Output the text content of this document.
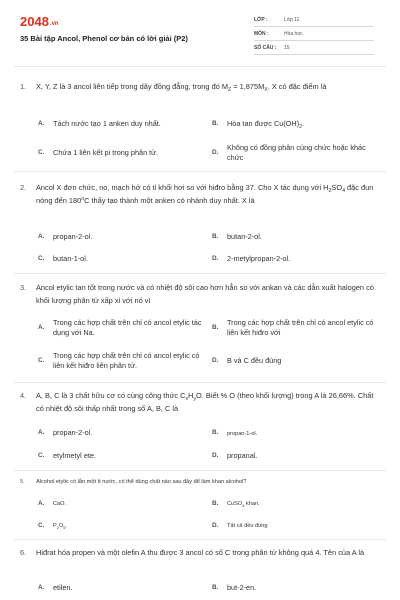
2048.vn
35 Bài tập Ancol, Phenol cơ bản có lời giải (P2)
LỚP :	Lớp 11
MÔN :	Hóa học
SỐ CÂU : 15
1. X, Y, Z là 3 ancol liên tiếp trong dãy đồng đẳng, trong đó $M_Z = 1,875M_X$. X có đặc điểm là
A. Tách nước tạo 1 anken duy nhất.	B. Hòa tan được $Cu(OH)_2$.
C. Chứa 1 liên kết pi trong phân tử.	D.
Không có đồng phân cùng chức hoặc khác chức
2. Ancol X đơn chức, no, mạch hở có tỉ khối hơi so với hiđro bằng 37. Cho X tác dụng với $H_2SO_4$ đặc đun nóng đến 180$^o$C thấy tạo thành một anken có nhánh duy nhất. X là
A. propan-2-ol.	B. butan-2-ol.
C. butan-1-ol.	D. 2-metylpropan-2-ol.
3. Ancol etylic tan tốt trong nước và có nhiệt độ sôi cao hơn hẳn so với ankan và các dẫn xuất halogen có khối lượng phân tử xấp xỉ với nó vì
A.
Trong các hợp chất trên chỉ có ancol etylic tác dụng với Na.
B.
Trong các hợp chất trên chỉ có ancol etylic có liên kết hiđro với
C.
Trong các hợp chất trên chỉ có ancol etylic có liên kết hiđro liên phân tử.
D. B và C đều đúng
4. A, B, C là 3 chất hữu cơ có cùng công thức $C_xH_yO$. Biết % O (theo khối lượng) trong A là 26,66%. Chất có nhiệt độ sôi thấp nhất trong số A, B, C là
A. propan-2-ol.	B. propan-1-ol.
C. etylmetyl ete.	D. propanal.
5. Alcohol etylic có lẫn một ít nước, có thể dùng chất nào sau đây để làm khan alcohol?
A. CaO.	B. CuSO$_4$ khan.
C. $P_2O_5$.	D. Tất cả đều đúng
6. Hiđrat hóa propen và một olefin A thu được 3 ancol có số C trong phân tử không quá 4. Tên của A là
A. etilen.	B. but-2-en.
